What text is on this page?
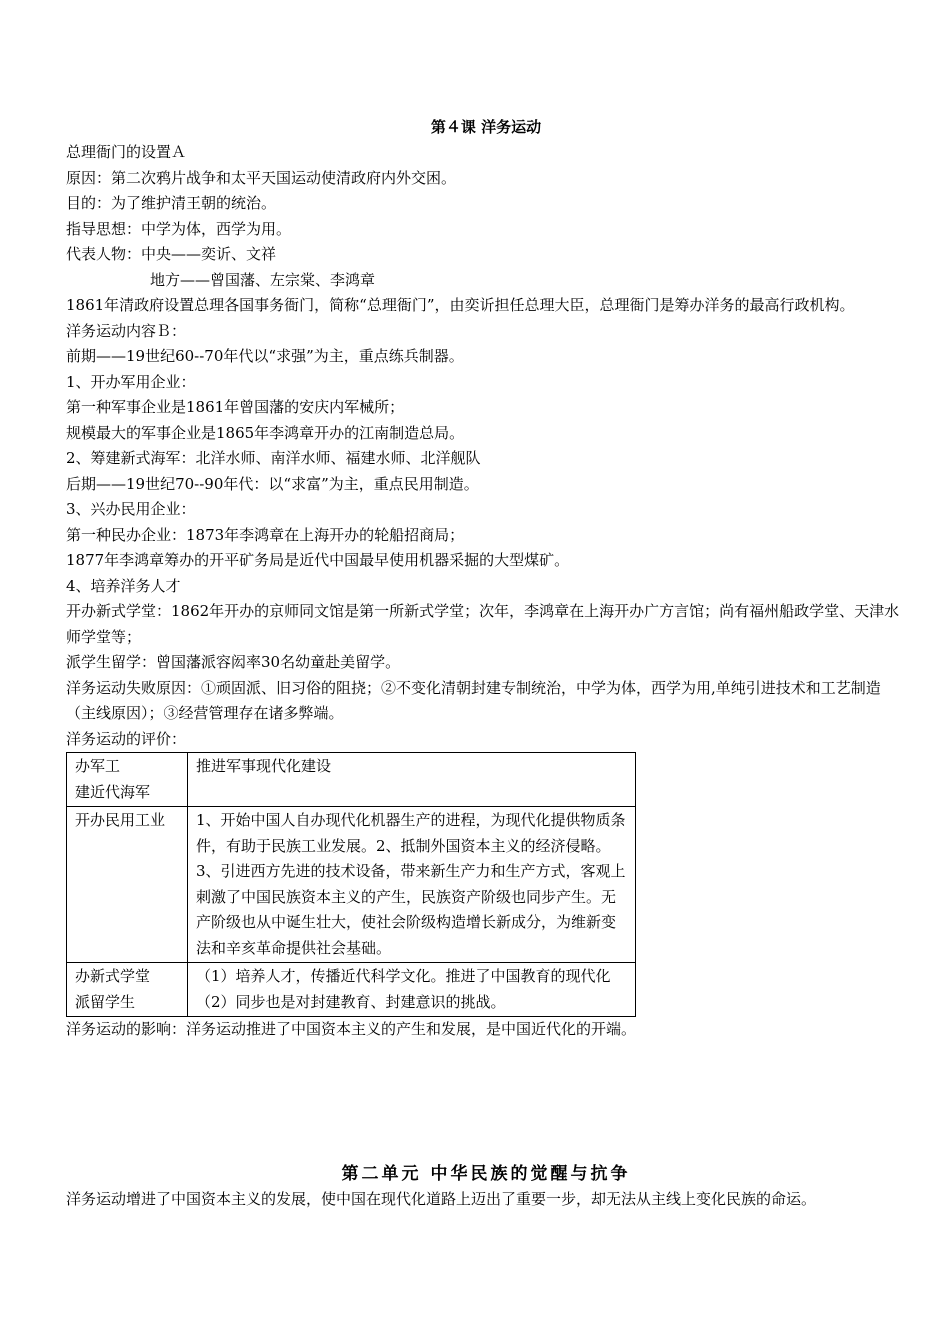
第４课 洋务运动
总理衙门的设置Ａ
原因：第二次鸦片战争和太平天国运动使清政府内外交困。
目的：为了维护清王朝的统治。
指导思想：中学为体，西学为用。
代表人物：中央——奕䜣、文祥
地方——曾国藩、左宗棠、李鸿章
1861年清政府设置总理各国事务衙门，简称“总理衙门”，由奕䜣担任总理大臣，总理衙门是筹办洋务的最高行政机构。
洋务运动内容Ｂ：
前期——19世纪60--70年代以“求强”为主，重点练兵制器。
1、开办军用企业：
第一种军事企业是1861年曾国藩的安庆内军械所；
规模最大的军事企业是1865年李鸿章开办的江南制造总局。
2、筹建新式海军：北洋水师、南洋水师、福建水师、北洋舰队
后期——19世纪70--90年代：以“求富”为主，重点民用制造。
3、兴办民用企业：
第一种民办企业：1873年李鸿章在上海开办的轮船招商局；
1877年李鸿章筹办的开平矿务局是近代中国最早使用机器采掘的大型煤矿。
4、培养洋务人才
开办新式学堂：1862年开办的京师同文馆是第一所新式学堂；次年，李鸿章在上海开办广方言馆；尚有福州船政学堂、天津水师学堂等；
派学生留学：曾国藩派容闳率30名幼童赴美留学。
洋务运动失败原因：①顽固派、旧习俗的阻挠；②不变化清朝封建专制统治，中学为体，西学为用,单纯引进技术和工艺制造（主线原因）；③经营管理存在诸多弊端。
洋务运动的评价：
办军工
建近代海军	推进军事现代化建设
开办民用工业	1、开始中国人自办现代化机器生产的进程，为现代化提供物质条件，有助于民族工业发展。2、抵制外国资本主义的经济侵略。3、引进西方先进的技术设备，带来新生产力和生产方式，客观上刺激了中国民族资本主义的产生，民族资产阶级也同步产生。无产阶级也从中诞生壮大，使社会阶级构造增长新成分，为维新变法和辛亥革命提供社会基础。
办新式学堂
派留学生	（1）培养人才，传播近代科学文化。推进了中国教育的现代化（2）同步也是对封建教育、封建意识的挑战。
洋务运动的影响：洋务运动推进了中国资本主义的产生和发展，是中国近代化的开端。
第二单元 中华民族的觉醒与抗争
洋务运动增进了中国资本主义的发展，使中国在现代化道路上迈出了重要一步，却无法从主线上变化民族的命运。
